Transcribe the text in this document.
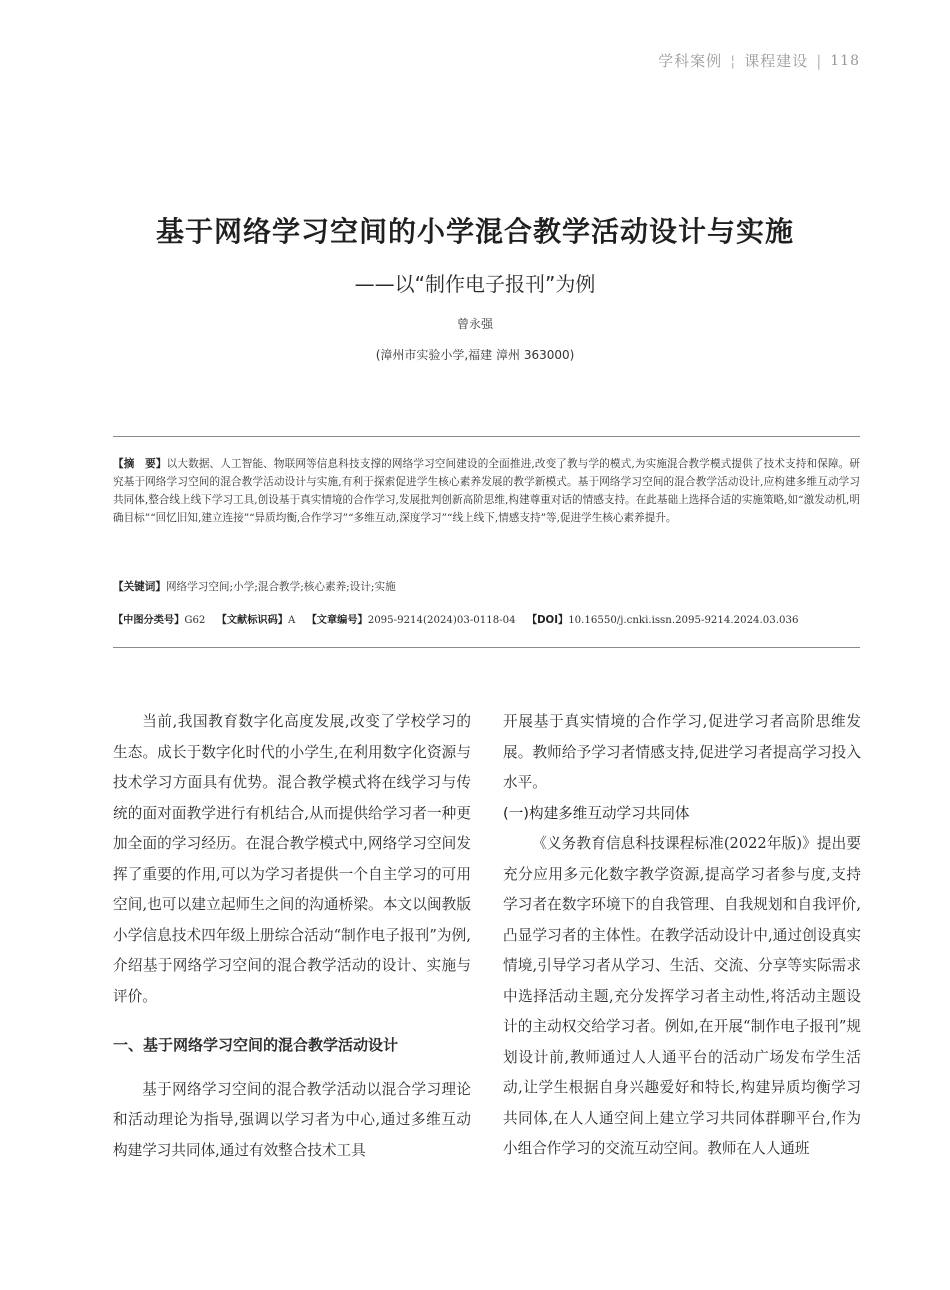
学科案例 ¦ 课程建设 | 118
基于网络学习空间的小学混合教学活动设计与实施
——以“制作电子报刊”为例
曾永强
(漳州市实验小学,福建 漳州 363000)
【摘　要】以大数据、人工智能、物联网等信息科技支撑的网络学习空间建设的全面推进,改变了教与学的模式,为实施混合教学模式提供了技术支持和保障。研究基于网络学习空间的混合教学活动设计与实施,有利于探索促进学生核心素养发展的教学新模式。基于网络学习空间的混合教学活动设计,应构建多维互动学习共同体,整合线上线下学习工具,创设基于真实情境的合作学习,发展批判创新高阶思维,构建尊重对话的情感支持。在此基础上选择合适的实施策略,如“激发动机,明确目标”“回忆旧知,建立连接”“异质均衡,合作学习”“多维互动,深度学习”“线上线下,情感支持”等,促进学生核心素养提升。
【关键词】网络学习空间;小学;混合教学;核心素养;设计;实施
【中图分类号】G62 【文献标识码】A 【文章编号】2095-9214(2024)03-0118-04 【DOI】10.16550/j.cnki.issn.2095-9214.2024.03.036

当前,我国教育数字化高度发展,改变了学校学习的生态。成长于数字化时代的小学生,在利用数字化资源与技术学习方面具有优势。混合教学模式将在线学习与传统的面对面教学进行有机结合,从而提供给学习者一种更加全面的学习经历。在混合教学模式中,网络学习空间发挥了重要的作用,可以为学习者提供一个自主学习的可用空间,也可以建立起师生之间的沟通桥梁。本文以闽教版小学信息技术四年级上册综合活动“制作电子报刊”为例,介绍基于网络学习空间的混合教学活动的设计、实施与评价。

一、基于网络学习空间的混合教学活动设计

基于网络学习空间的混合教学活动以混合学习理论和活动理论为指导,强调以学习者为中心,通过多维互动构建学习共同体,通过有效整合技术工具

开展基于真实情境的合作学习,促进学习者高阶思维发展。教师给予学习者情感支持,促进学习者提高学习投入水平。

(一)构建多维互动学习共同体

《义务教育信息科技课程标准(2022年版)》提出要充分应用多元化数字教学资源,提高学习者参与度,支持学习者在数字环境下的自我管理、自我规划和自我评价,凸显学习者的主体性。在教学活动设计中,通过创设真实情境,引导学习者从学习、生活、交流、分享等实际需求中选择活动主题,充分发挥学习者主动性,将活动主题设计的主动权交给学习者。例如,在开展“制作电子报刊”规划设计前,教师通过人人通平台的活动广场发布学生活动,让学生根据自身兴趣爱好和特长,构建异质均衡学习共同体,在人人通空间上建立学习共同体群聊平台,作为小组合作学习的交流互动空间。教师在人人通班
